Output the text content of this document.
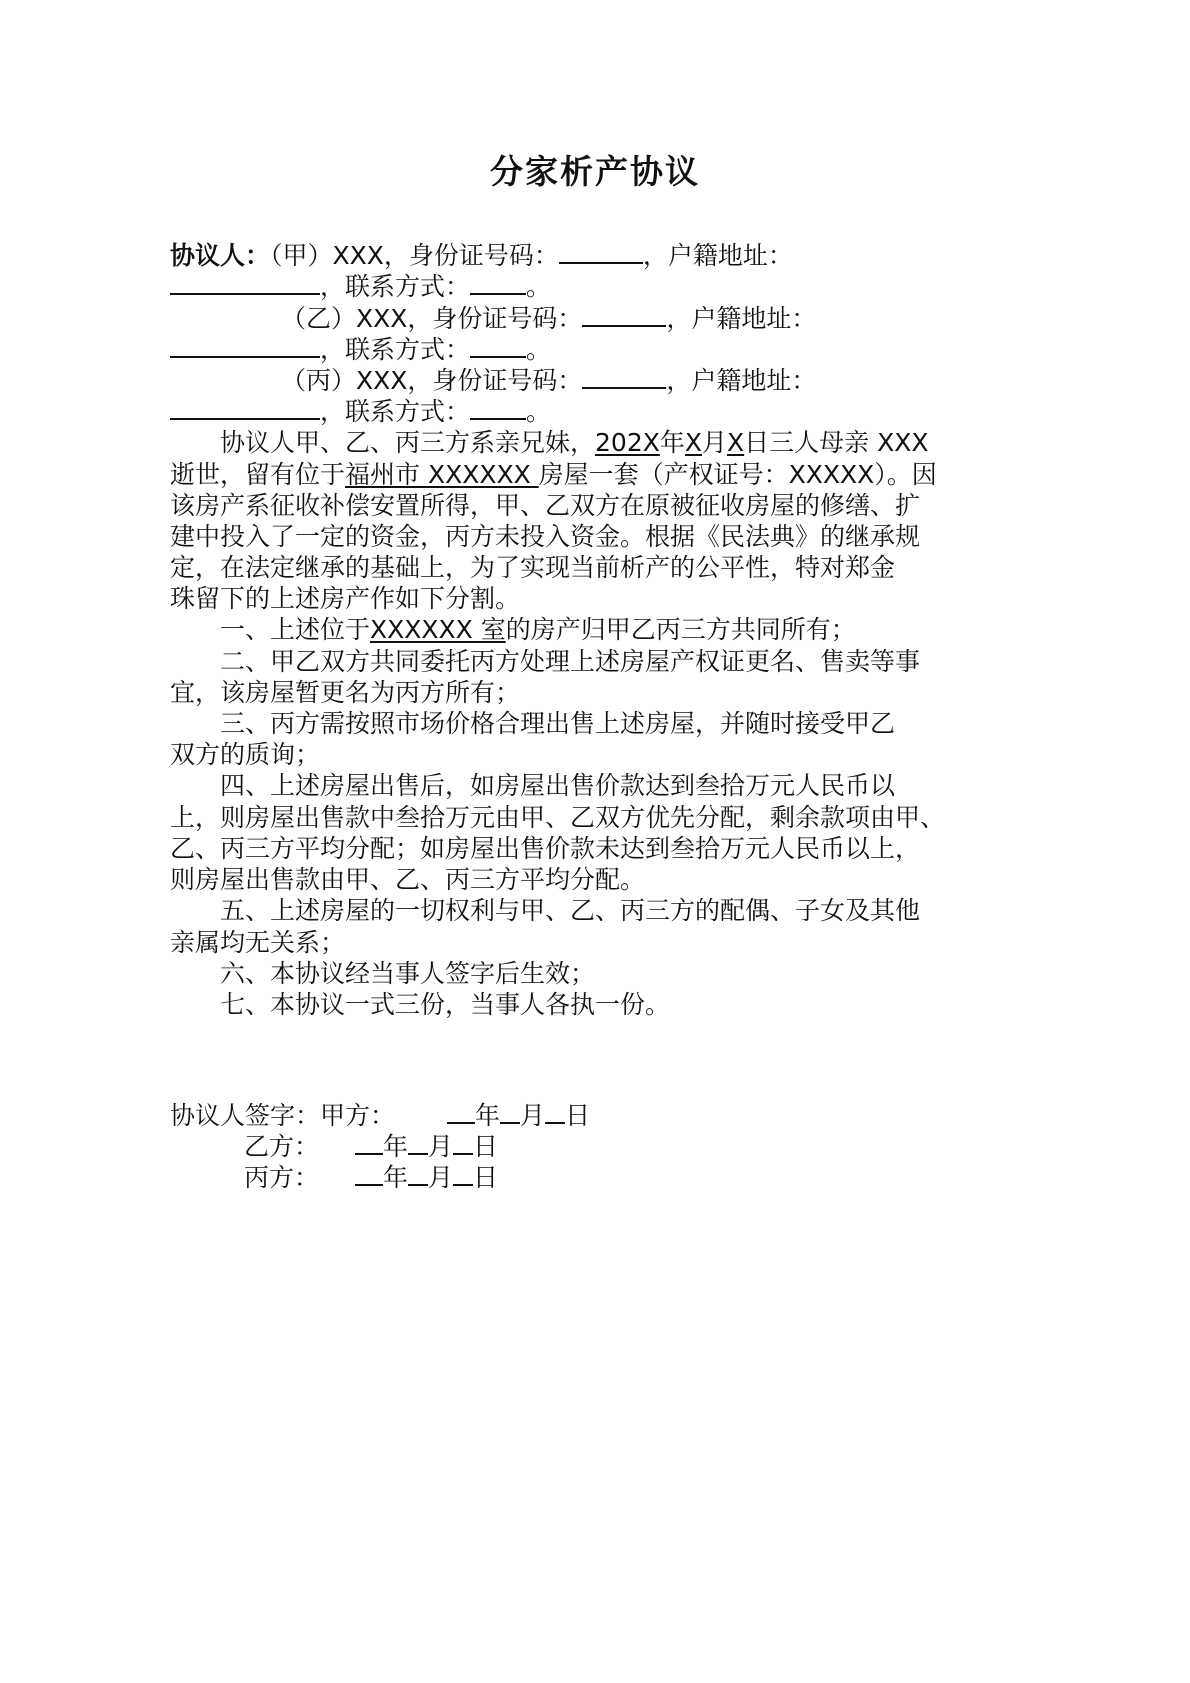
分家析产协议
协议人：（甲）XXX，身份证号码：	，户籍地址：
，联系方式： 。
（乙）XXX，身份证号码：	，户籍地址：
，联系方式： 。
（丙）XXX，身份证号码：	，户籍地址：
，联系方式： 。
协议人甲、乙、丙三方系亲兄妹，202X年X月X日三人母亲 XXX
逝世，留有位于福州市 XXXXXX 房屋一套（产权证号：XXXXX）。因
该房产系征收补偿安置所得，甲、乙双方在原被征收房屋的修缮、扩
建中投入了一定的资金，丙方未投入资金。根据《民法典》的继承规
定，在法定继承的基础上，为了实现当前析产的公平性，特对郑金
珠留下的上述房产作如下分割。
一、上述位于XXXXXX 室的房产归甲乙丙三方共同所有；
二、甲乙双方共同委托丙方处理上述房屋产权证更名、售卖等事
宜，该房屋暂更名为丙方所有；
三、丙方需按照市场价格合理出售上述房屋，并随时接受甲乙
双方的质询；
四、上述房屋出售后，如房屋出售价款达到叁拾万元人民币以
上，则房屋出售款中叁拾万元由甲、乙双方优先分配，剩余款项由甲、
乙、丙三方平均分配；如房屋出售价款未达到叁拾万元人民币以上，
则房屋出售款由甲、乙、丙三方平均分配。
五、上述房屋的一切权利与甲、乙、丙三方的配偶、子女及其他
亲属均无关系；
六、本协议经当事人签字后生效；
七、本协议一式三份，当事人各执一份。
协议人签字：甲方：	年 月 日
乙方：	年 月 日
丙方：	年 月 日
